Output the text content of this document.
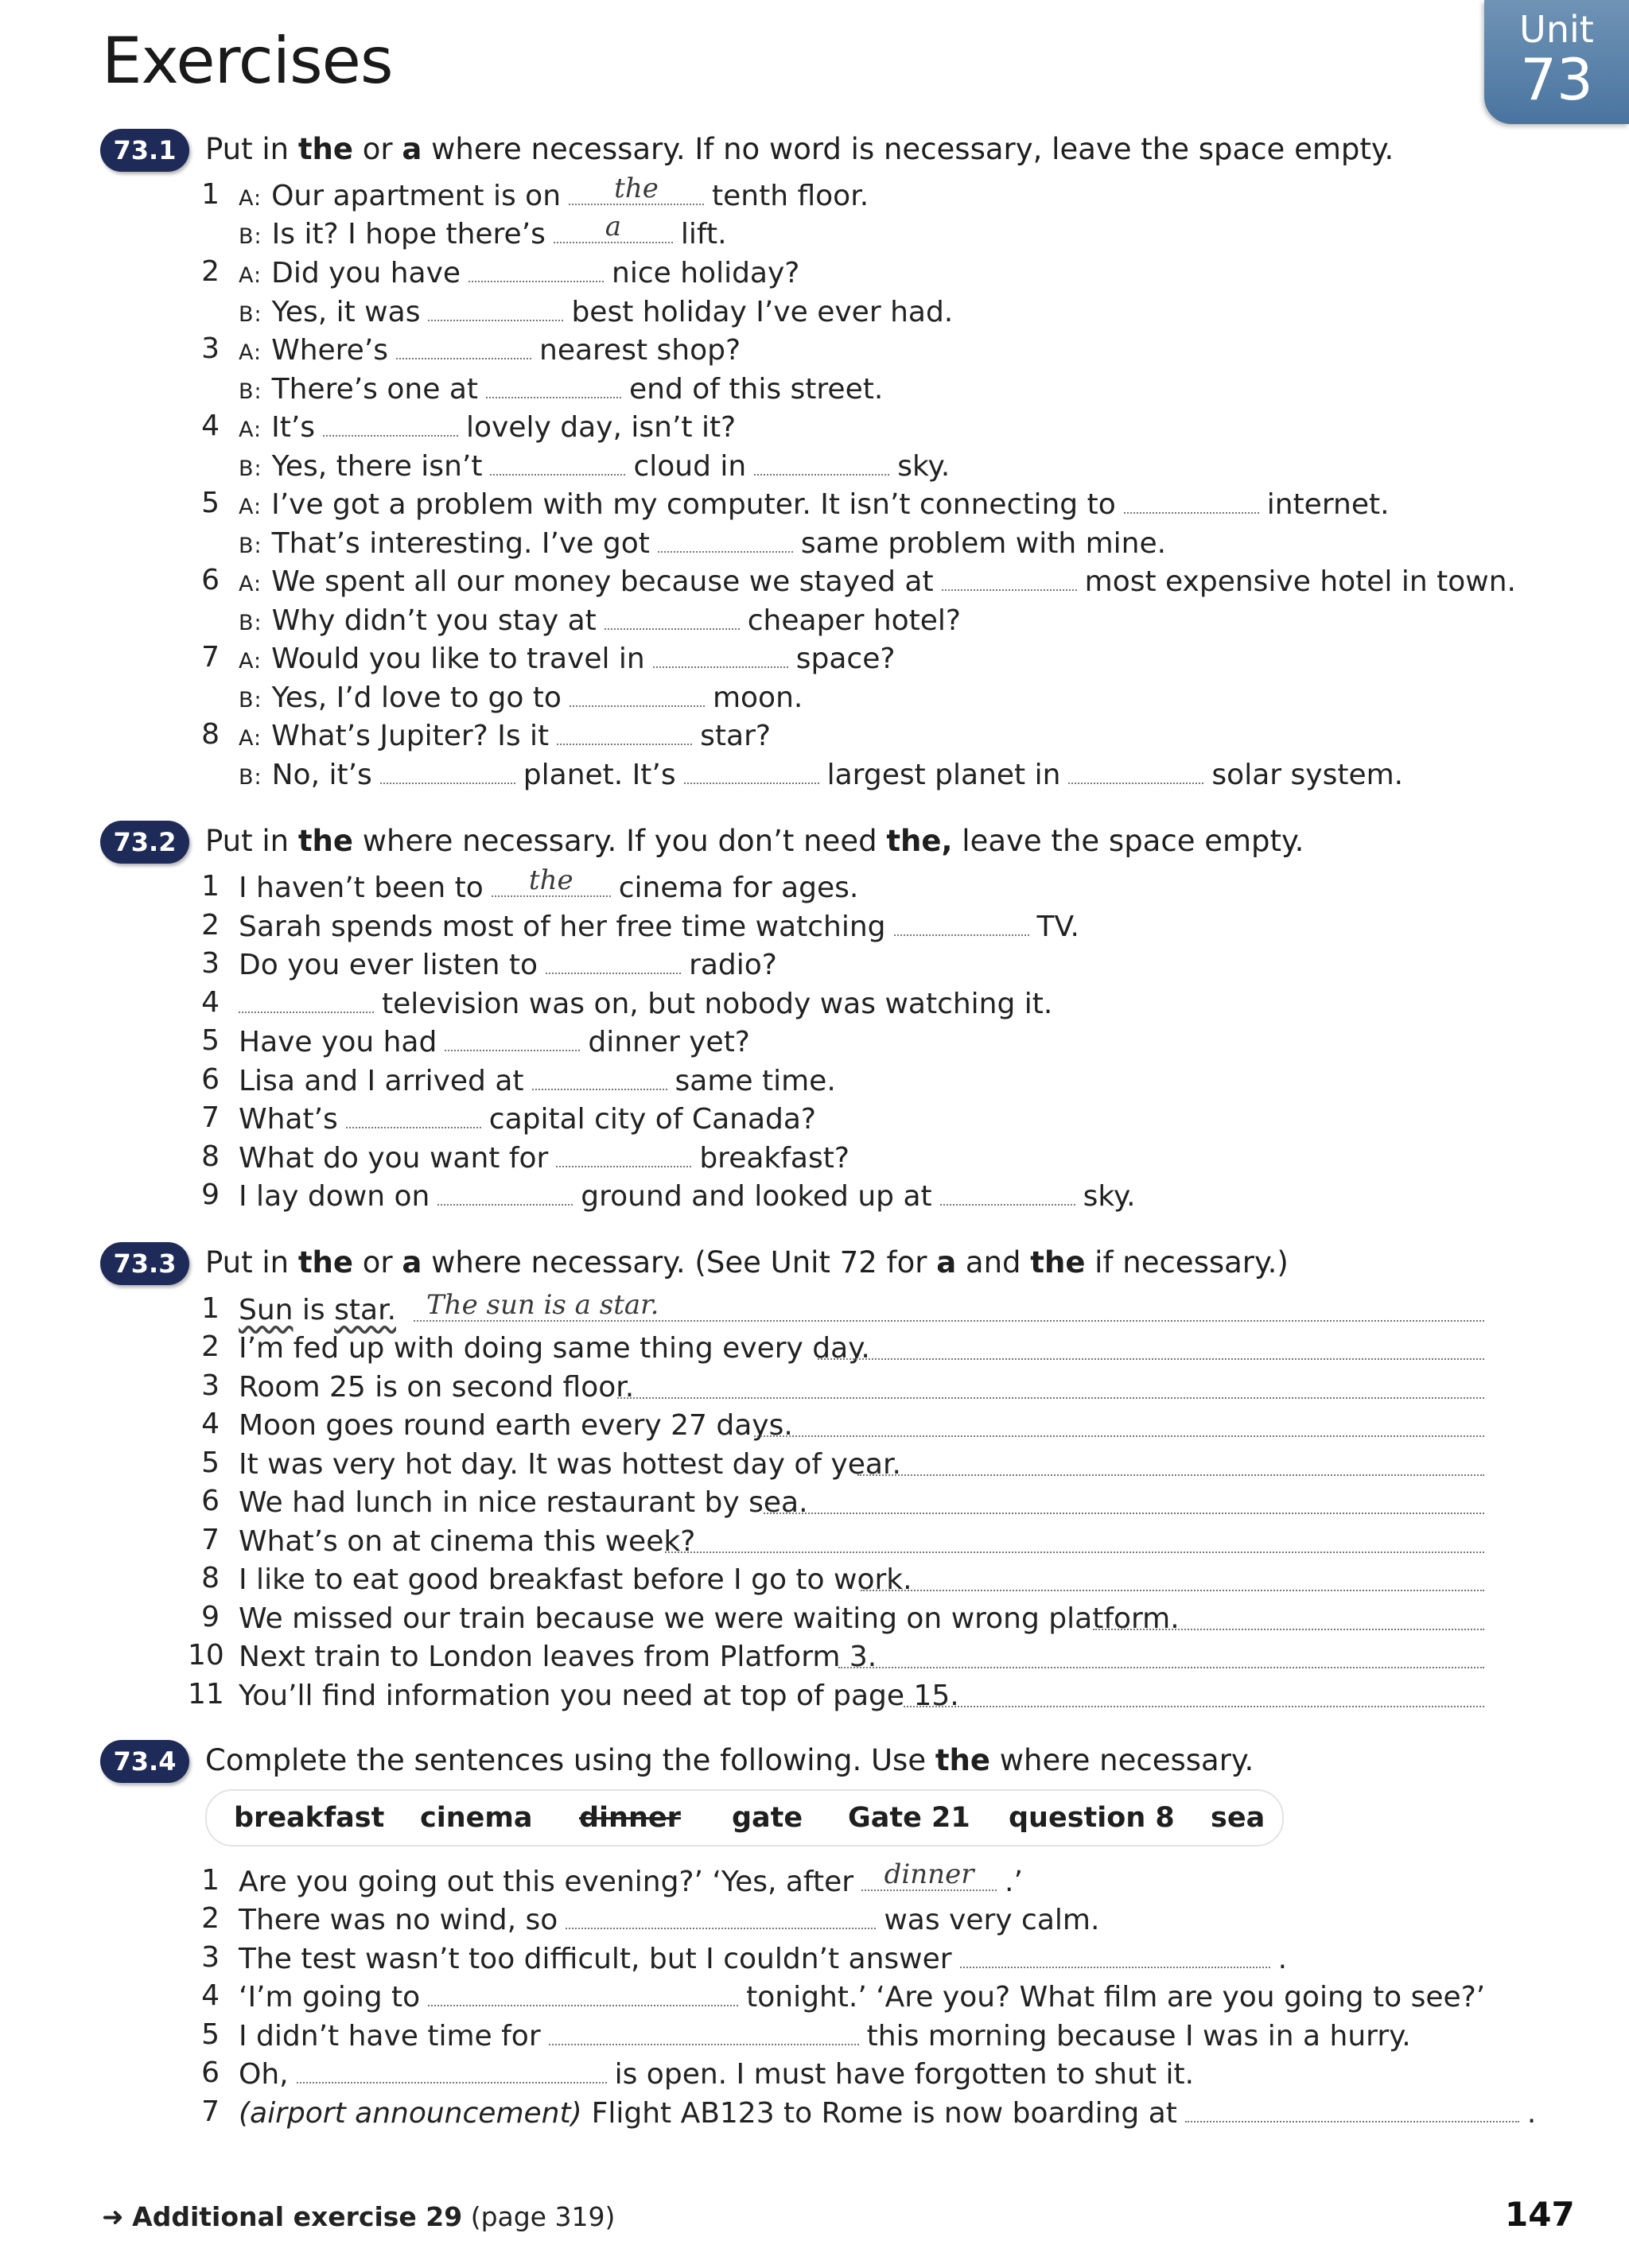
Exercises	Unit
73
73.1 Put in the or a where necessary. If no word is necessary, leave the space empty.
1 A: Our apartment is on	the	tenth floor.
B: Is it? I hope there’s	a	lift.
2 A: Did you have	nice holiday?
B: Yes, it was	best holiday I’ve ever had.
3 A: Where’s	nearest shop?
B: There’s one at	end of this street.
4 A: It’s	lovely day, isn’t it?
B: Yes, there isn’t	cloud in	sky.
5 A: I’ve got a problem with my computer. It isn’t connecting to	internet.
B: That’s interesting. I’ve got	same problem with mine.
6 A: We spent all our money because we stayed at	most expensive hotel in town.
B: Why didn’t you stay at	cheaper hotel?
7 A: Would you like to travel in	space?
B: Yes, I’d love to go to	moon.
8 A: What’s Jupiter? Is it	star?
B: No, it’s	planet. It’s	largest planet in	solar system.
73.2 Put in the where necessary. If you don’t need the, leave the space empty.
1 I haven’t been to	the	cinema for ages.
2 Sarah spends most of her free time watching	TV.
3 Do you ever listen to	radio?
4	television was on, but nobody was watching it.
5 Have you had	dinner yet?
6 Lisa and I arrived at	same time.
7 What’s	capital city of Canada?
8 What do you want for	breakfast?
9 I lay down on	ground and looked up at	sky.
73.3 Put in the or a where necessary. (See Unit 72 for a and the if necessary.)
1 Sun is star. The sun is a star.
2 I’m fed up with doing same thing every day.
3 Room 25 is on second floor.
4 Moon goes round earth every 27 days.
5 It was very hot day. It was hottest day of year.
6 We had lunch in nice restaurant by sea.
7 What’s on at cinema this week?
8 I like to eat good breakfast before I go to work.
9 We missed our train because we were waiting on wrong platform.
10 Next train to London leaves from Platform 3.
11 You’ll find information you need at top of page 15.
73.4 Complete the sentences using the following. Use the where necessary.
breakfast cinema dinner gate Gate 21 question 8 sea
1 Are you going out this evening?’ ‘Yes, after	dinner	.’
2 There was no wind, so	was very calm.
3 The test wasn’t too difficult, but I couldn’t answer	.
4 ‘I’m going to	tonight.’ ‘Are you? What film are you going to see?’
5 I didn’t have time for	this morning because I was in a hurry.
6 Oh,	is open. I must have forgotten to shut it.
7 (airport announcement) Flight AB123 to Rome is now boarding at	.
➜ Additional exercise 29 (page 319)	147
